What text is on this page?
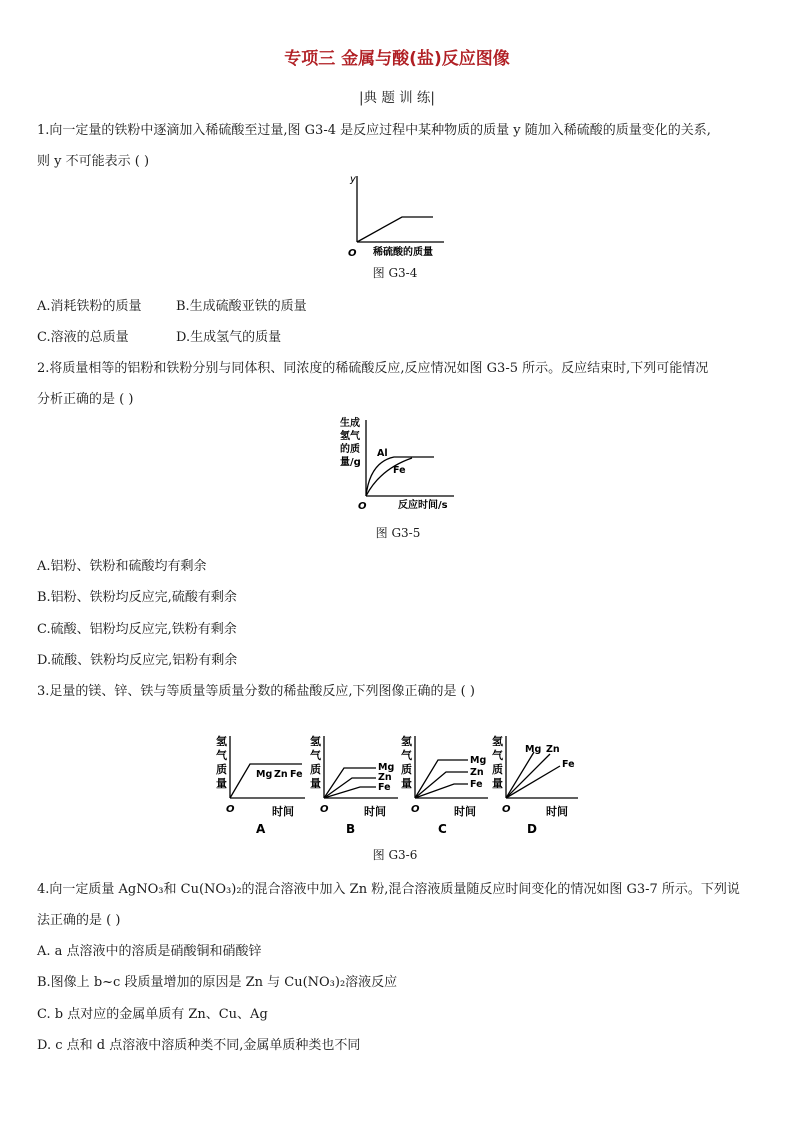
专项三 金属与酸(盐)反应图像
|典 题 训 练|
1.向一定量的铁粉中逐滴加入稀硫酸至过量,图 G3-4 是反应过程中某种物质的质量 y 随加入稀硫酸的质量变化的关系,
则 y 不可能表示 ( )
y
O 稀硫酸的质量
图 G3-4
A.消耗铁粉的质量	B.生成硫酸亚铁的质量
C.溶液的总质量	D.生成氢气的质量
2.将质量相等的铝粉和铁粉分别与同体积、同浓度的稀硫酸反应,反应情况如图 G3-5 所示。反应结束时,下列可能情况
分析正确的是 ( )
生成
氢气
的质
量/g
Al
Fe
O	反应时间/s
图 G3-5
A.铝粉、铁粉和硫酸均有剩余
B.铝粉、铁粉均反应完,硫酸有剩余
C.硫酸、铝粉均反应完,铁粉有剩余
D.硫酸、铁粉均反应完,铝粉有剩余
3.足量的镁、锌、铁与等质量等质量分数的稀盐酸反应,下列图像正确的是 ( )
氢
气
质
量
Mg Zn Fe
O	时间
A
氢
气
质
量
Mg
Zn
Fe
O	时间
B
氢
气
质
量
Mg
Zn
Fe
O	时间
C
氢
气
质
量
Mg Zn
Fe
O	时间
D
图 G3-6
4.向一定质量 AgNO₃和 Cu(NO₃)₂的混合溶液中加入 Zn 粉,混合溶液质量随反应时间变化的情况如图 G3-7 所示。下列说
法正确的是 ( )
A. a 点溶液中的溶质是硝酸铜和硝酸锌
B.图像上 b~c 段质量增加的原因是 Zn 与 Cu(NO₃)₂溶液反应
C. b 点对应的金属单质有 Zn、Cu、Ag
D. c 点和 d 点溶液中溶质种类不同,金属单质种类也不同
